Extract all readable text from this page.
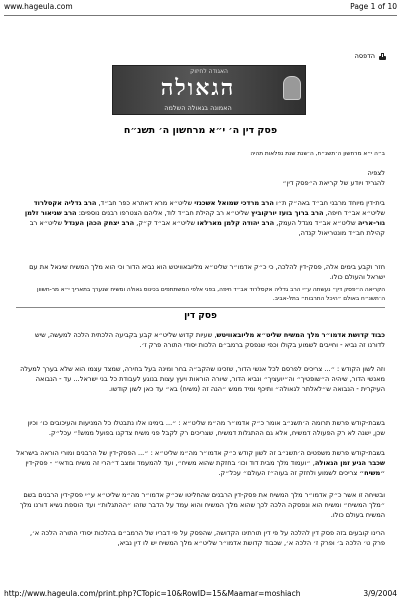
www.hageula.com	Page 1 of 10
הדפסה
האגודה לחיזוק
הגאולה
האמונה בגאולה השלמה
פסק דין ה׳ י״א מרחשון ה׳ תשנ״ח
ב״ה י״א מרחשון ה׳תשנ״ח, ה׳שנת שנת נפלאות תהיה
לצפיה
להגריד ויודע של קריאת ה״פסק דין״
בית-דין מיוחד מרבני חב״ד באה״ק ת״ו הרב מרדכי שמואל אשכנזי שליט״א מרא דאתרא כפר חב״ד, הרב גדליה אקסלרוד שליט״א אב״ד חיפה, הרב ברוך בועז יורקוביץ שליט״א רב קהילת חב״ד לוד, אליהם הצטרפו רבנים נוספים: הרב שניאור זלמן גור-אריה שליט״א אב״ד מגדל העמק, הרב יהודה קלמן מארלאו שליט״א אב״ד ק״ק, הרב יצחק הכהן הענדל שליט״א רב קהילת חב״ד מונטריאול קנדה,
חזר וקבע בימים אלה, פסק-דין להלכה, כי כ״ק אדמו״ר שליט״א מליובאוויטש הוא נביא הדור וכי הוא מלך המשיח שיגאל את עם ישראל והעולם כולו.
הקריאה ה״פסק דין״ נעשתה ע״י הרב גדליה אקסלרוד אב״ד חיפה, בפני אלפי המשתתפים בכינוס גאולה ומשיח שנערך בתאריך י״א מר-חשוון ה׳תשנ״ח באולם ״היכל התרבות״ בתל-אביב.
פסק דין
כבוד קדושת אדמו״ר מלך המשיח שליט״א מליובאוויטש, שעיות קדוש שליט״א קבע בקביעה הלכתית הלכה למעשה, שיש לדורנו זה נביא - וחייבים לשמוע בקולו וכפי שנפסק ברמב״ם הלכות יסודי התורה פרק ז׳.
וזה לשון הקודש : ״... צריכים לפרסם לכל אנשי הדור, שזכינו שהקב״ה בחר ומינה בעל בחירה, שמצד עצמו הוא שלא בערך למעלה מאנשי הדור, שיהיה ה״שופטיך״ וה״יועציך״ ונביא הדור, שיורה הוראות ויעץ עצות בנוגע לעבודת כל בני ישראל... עד - הנבואה העיקרית - הנבואה ש״לאלתר לגאולה״ ותיכף ומיד ממש ״הנה זה (משיח) בא״ עד כאן לשון קודשו.
בשבת-קודש פרשת תרומה ה׳תשנ״ב אומר כ״ק אדמו״ר מה״מ שליט״א : ״... בימינו אלו נתבטלו כל המניעות והעיכובים כו׳ וכיון שכן, ישנה לא רק הפעולה דמשיח, אלא גם ההתגלות דמשיח, שצריכים רק לקבל פני משיח צדקנו בפועל ממש!״ עכל״ק.
בשבת-קודש פרשת משפטים ה׳תשנ״ב זה לשון קודש כ״ק אדמו״ר מה״מ שליט״א : ״... הפסק-דין של הרבנים ומורי הוראה בישראל שכבר הגיע זמן הגאולה, ״ועמוד מלך מבית דוד וכו׳ בחזקת שהוא משיח״, ועד להמעמד ומצב ד״הרי זה משיח בודאי״ - פסק-דין ״משיח״ צריכים לשמוע ולחזק זה בעוה״ז העולם״ עכל״ק.
ובשיחה זו אשר כ״ק אדמו״ר מלך המשיח את פסק-דין הרבנים שהחליטו שכ״ק אדמו״ר מה״מ שליט״א ע״י פסק-דין הרבנים בשם ״מלך המשיח״ ומשיח הוא ונפסקה הלכה לכך שהוא מלך המשיח והוא עמד על הדבר שזהו ״ההתגלות״ ועד הוספת נשיא דורנו מלך המשיח בעולם כולו.
הרינו קובעים בזה פסק דין להלכה על פי דין תורתינו הקדושה, שהפסק על פי דבריו של הרמב״ם בהלכות יסודי התורה הלכה א׳, פרק ט׳ הלכה ב׳ ופרק ז׳ הלכה א׳, שכבוד קדושת אדמו״ר שליט״א מלך המשיח יש לו דין נביא,
http://www.hageula.com/print.php?CTopic=10&RowID=15&Maamar=moshiach	3/9/2004
